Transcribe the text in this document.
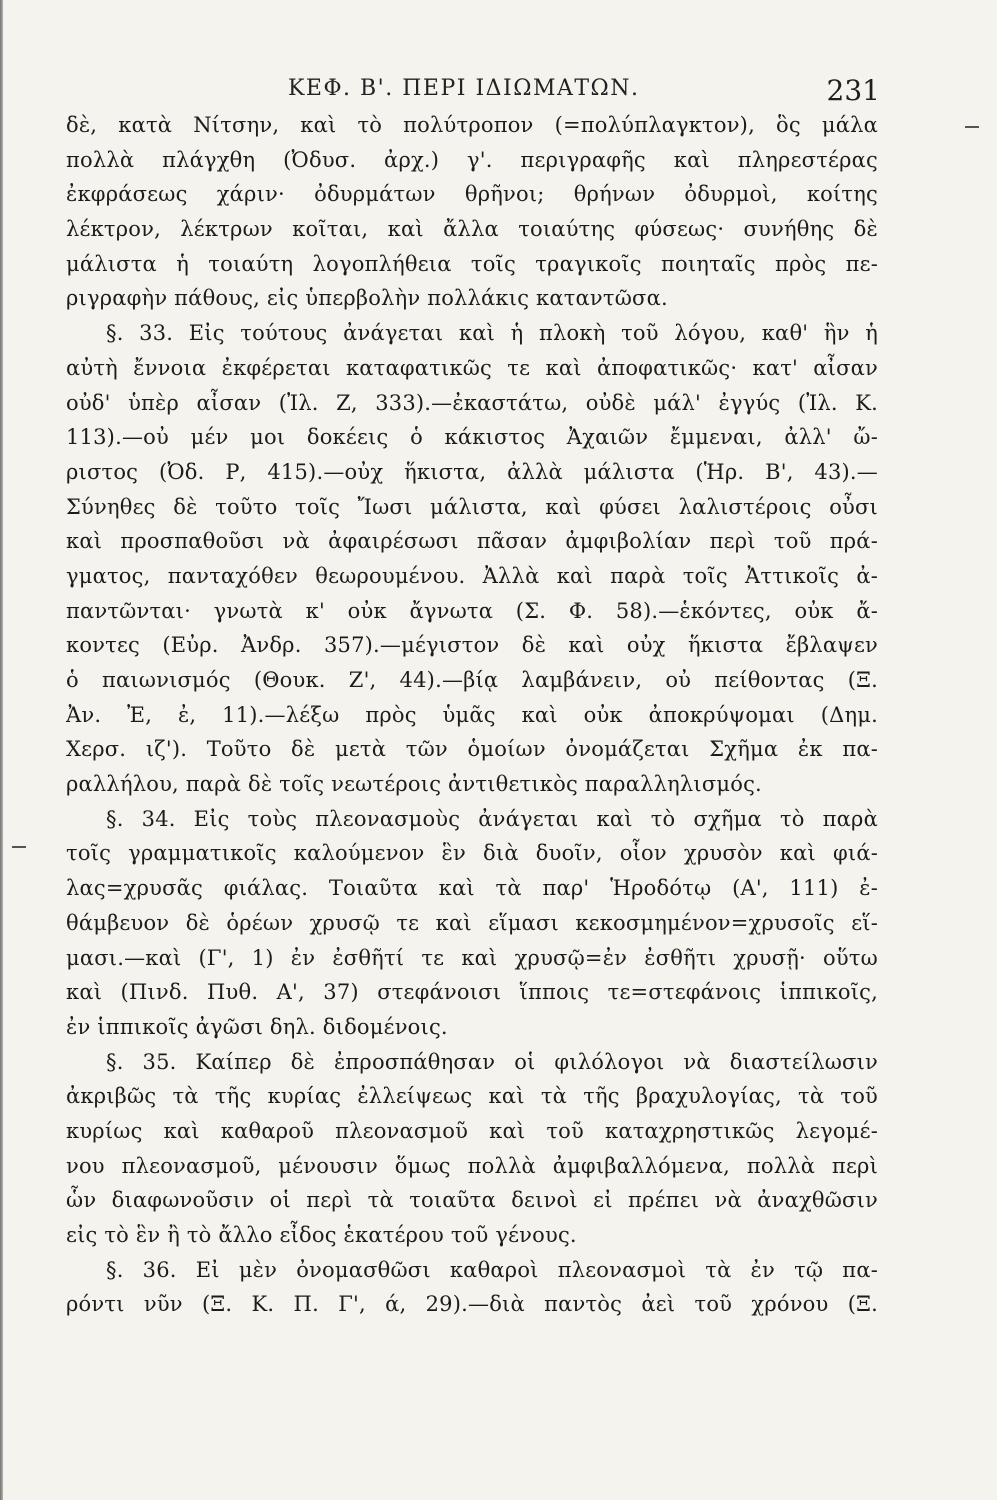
ΚΕΦ. Β'. ΠΕΡΙ ΙΔΙΩΜΑΤΩΝ.	231
δὲ, κατὰ Νίτσην, καὶ τὸ πολύτροπον (=πολύπλαγκτον), ὃς μάλα
πολλὰ πλάγχθη (Ὀδυσ. ἀρχ.) γ'. περιγραφῆς καὶ πληρεστέρας
ἐκφράσεως χάριν· ὀδυρμάτων θρῆνοι; θρήνων ὀδυρμοὶ, κοίτης
λέκτρον, λέκτρων κοῖται, καὶ ἄλλα τοιαύτης φύσεως· συνήθης δὲ
μάλιστα ἡ τοιαύτη λογοπλήθεια τοῖς τραγικοῖς ποιηταῖς πρὸς πε-
ριγραφὴν πάθους, εἰς ὑπερβολὴν πολλάκις καταντῶσα.
§. 33. Εἰς τούτους ἀνάγεται καὶ ἡ πλοκὴ τοῦ λόγου, καθ' ἣν ἡ
αὐτὴ ἔννοια ἐκφέρεται καταφατικῶς τε καὶ ἀποφατικῶς· κατ' αἶσαν
οὐδ' ὑπὲρ αἶσαν (Ἰλ. Ζ, 333).—ἐκαστάτω, οὐδὲ μάλ' ἐγγύς (Ἰλ. Κ.
113).—οὐ μέν μοι δοκέεις ὁ κάκιστος Ἀχαιῶν ἔμμεναι, ἀλλ' ὤ-
ριστος (Ὀδ. Ρ, 415).—οὐχ ἥκιστα, ἀλλὰ μάλιστα (Ἡρ. Β', 43).—
Σύνηθες δὲ τοῦτο τοῖς Ἴωσι μάλιστα, καὶ φύσει λαλιστέροις οὖσι
καὶ προσπαθοῦσι νὰ ἀφαιρέσωσι πᾶσαν ἀμφιβολίαν περὶ τοῦ πρά-
γματος, πανταχόθεν θεωρουμένου. Ἀλλὰ καὶ παρὰ τοῖς Ἀττικοῖς ἀ-
παντῶνται· γνωτὰ κ' οὐκ ἄγνωτα (Σ. Φ. 58).—ἑκόντες, οὐκ ἄ-
κοντες (Εὐρ. Ἀνδρ. 357).—μέγιστον δὲ καὶ οὐχ ἥκιστα ἔβλαψεν
ὁ παιωνισμός (Θουκ. Ζ', 44).—βίᾳ λαμβάνειν, οὐ πείθοντας (Ξ.
Ἀν. Ἐ, ἐ, 11).—λέξω πρὸς ὑμᾶς καὶ οὐκ ἀποκρύψομαι (Δημ.
Χερσ. ιζ'). Τοῦτο δὲ μετὰ τῶν ὁμοίων ὀνομάζεται Σχῆμα ἐκ πα-
ραλλήλου, παρὰ δὲ τοῖς νεωτέροις ἀντιθετικὸς παραλληλισμός.
§. 34. Εἰς τοὺς πλεονασμοὺς ἀνάγεται καὶ τὸ σχῆμα τὸ παρὰ
τοῖς γραμματικοῖς καλούμενον ἓν διὰ δυοῖν, οἷον χρυσὸν καὶ φιά-
λας=χρυσᾶς φιάλας. Τοιαῦτα καὶ τὰ παρ' Ἡροδότῳ (Α', 111) ἐ-
θάμβευον δὲ ὁρέων χρυσῷ τε καὶ εἵμασι κεκοσμημένον=χρυσοῖς εἵ-
μασι.—καὶ (Γ', 1) ἐν ἐσθῆτί τε καὶ χρυσῷ=ἐν ἐσθῆτι χρυσῇ· οὕτω
καὶ (Πινδ. Πυθ. Α', 37) στεφάνοισι ἵπποις τε=στεφάνοις ἱππικοῖς,
ἐν ἱππικοῖς ἀγῶσι δηλ. διδομένοις.
§. 35. Καίπερ δὲ ἐπροσπάθησαν οἱ φιλόλογοι νὰ διαστείλωσιν
ἀκριβῶς τὰ τῆς κυρίας ἐλλείψεως καὶ τὰ τῆς βραχυλογίας, τὰ τοῦ
κυρίως καὶ καθαροῦ πλεονασμοῦ καὶ τοῦ καταχρηστικῶς λεγομέ-
νου πλεονασμοῦ, μένουσιν ὅμως πολλὰ ἀμφιβαλλόμενα, πολλὰ περὶ
ὧν διαφωνοῦσιν οἱ περὶ τὰ τοιαῦτα δεινοὶ εἰ πρέπει νὰ ἀναχθῶσιν
εἰς τὸ ἓν ἢ τὸ ἄλλο εἶδος ἑκατέρου τοῦ γένους.
§. 36. Εἰ μὲν ὀνομασθῶσι καθαροὶ πλεονασμοὶ τὰ ἐν τῷ πα-
ρόντι νῦν (Ξ. Κ. Π. Γ', ά, 29).—διὰ παντὸς ἀεὶ τοῦ χρόνου (Ξ.
